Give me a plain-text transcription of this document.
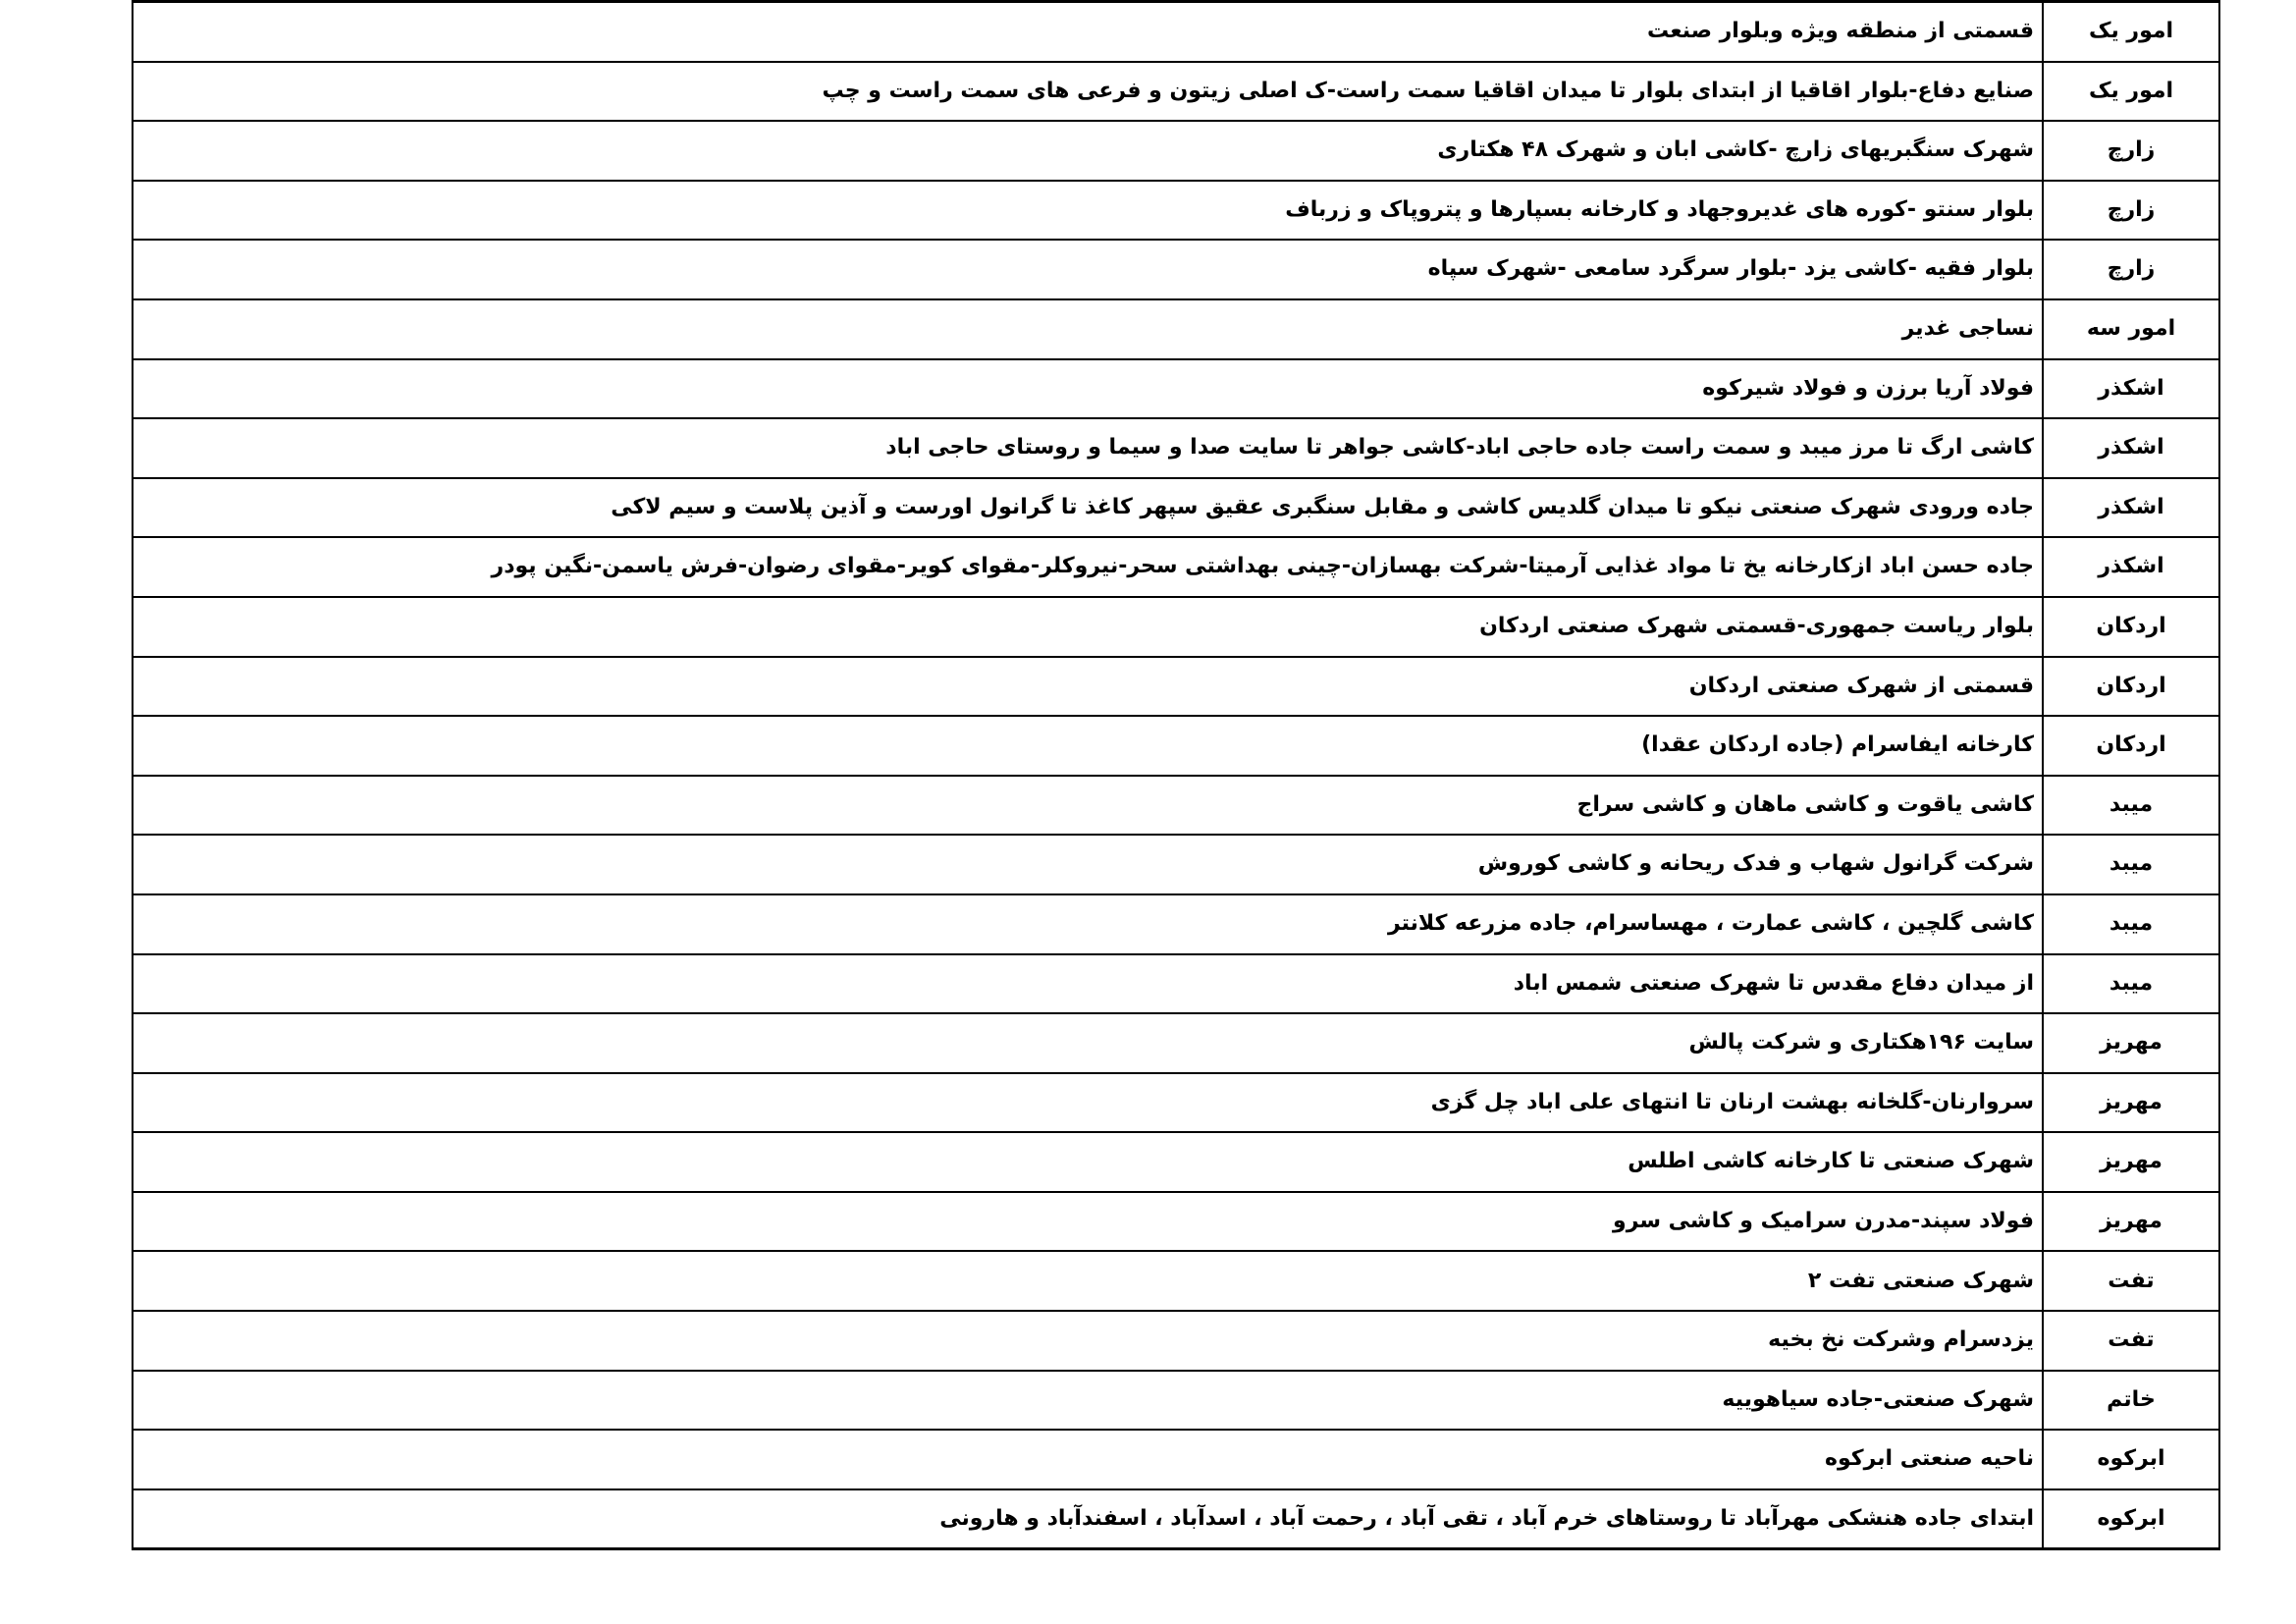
امور یک	قسمتی از منطقه ویژه وبلوار صنعت
امور یک	صنایع دفاع-بلوار اقاقیا از ابتدای بلوار تا میدان اقاقیا سمت راست-ک اصلی زیتون و فرعی های سمت راست و چپ
زارچ	شهرک سنگبریهای زارچ -کاشی ابان و شهرک ۴۸ هکتاری
زارچ	بلوار سنتو -کوره های غدیروجهاد و کارخانه بسپارها و پتروپاک و زرباف
زارچ	بلوار فقیه -کاشی یزد -بلوار سرگرد سامعی -شهرک سپاه
امور سه	نساجی غدیر
اشکذر	فولاد آریا برزن و فولاد شیرکوه
اشکذر	کاشی ارگ تا مرز میبد و سمت راست جاده حاجی اباد-کاشی جواهر تا سایت صدا و سیما و روستای حاجی اباد
اشکذر	جاده ورودی شهرک صنعتی نیکو تا میدان گلدیس کاشی و مقابل سنگبری عقیق سپهر کاغذ تا گرانول اورست و آذین پلاست و سیم لاکی
اشکذر	جاده حسن اباد ازکارخانه یخ تا مواد غذایی آرمیتا-شرکت بهسازان-چینی بهداشتی سحر-نیروکلر-مقوای کویر-مقوای رضوان-فرش یاسمن-نگین پودر
اردکان	بلوار ریاست جمهوری-قسمتی شهرک صنعتی اردکان
اردکان	قسمتی از شهرک صنعتی اردکان
اردکان	کارخانه ایفاسرام (جاده اردکان عقدا)
میبد	کاشی یاقوت و کاشی ماهان و کاشی سراج
میبد	شرکت گرانول شهاب و فدک ریحانه و کاشی کوروش
میبد	کاشی گلچین ، کاشی عمارت ، مهساسرام، جاده مزرعه کلانتر
میبد	از میدان دفاع مقدس تا شهرک صنعتی شمس اباد
مهریز	سایت ۱۹۶هکتاری و شرکت پالش
مهریز	سروارنان-گلخانه بهشت ارنان تا انتهای علی اباد چل گزی
مهریز	شهرک صنعتی تا کارخانه کاشی اطلس
مهریز	فولاد سپند-مدرن سرامیک و کاشی سرو
تفت	شهرک صنعتی تفت ۲
تفت	یزدسرام وشرکت نخ بخیه
خاتم	شهرک صنعتی-جاده سیاهوییه
ابرکوه	ناحیه صنعتی ابرکوه
ابرکوه	ابتدای جاده هنشکی مهرآباد تا روستاهای خرم آباد ، تقی آباد ، رحمت آباد ، اسدآباد ، اسفندآباد و هارونی
